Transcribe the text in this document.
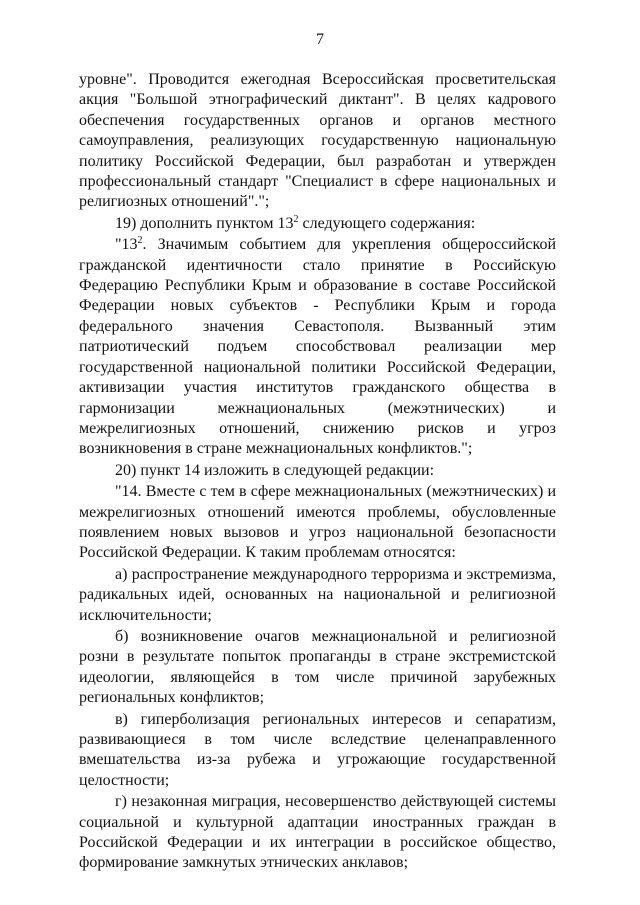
7

уровне". Проводится ежегодная Всероссийская просветительская акция "Большой этнографический диктант". В целях кадрового обеспечения государственных органов и органов местного самоуправления, реализующих государственную национальную политику Российской Федерации, был разработан и утвержден профессиональный стандарт "Специалист в сфере национальных и религиозных отношений".";

19) дополнить пунктом $13^2$ следующего содержания:

"$13^2$. Значимым событием для укрепления общероссийской гражданской идентичности стало принятие в Российскую Федерацию Республики Крым и образование в составе Российской Федерации новых субъектов - Республики Крым и города федерального значения Севастополя. Вызванный этим патриотический подъем способствовал реализации мер государственной национальной политики Российской Федерации, активизации участия институтов гражданского общества в гармонизации межнациональных (межэтнических) и межрелигиозных отношений, снижению рисков и угроз возникновения в стране межнациональных конфликтов.";

20) пункт 14 изложить в следующей редакции:

"14. Вместе с тем в сфере межнациональных (межэтнических) и межрелигиозных отношений имеются проблемы, обусловленные появлением новых вызовов и угроз национальной безопасности Российской Федерации. К таким проблемам относятся:

а) распространение международного терроризма и экстремизма, радикальных идей, основанных на национальной и религиозной исключительности;

б) возникновение очагов межнациональной и религиозной розни в результате попыток пропаганды в стране экстремистской идеологии, являющейся в том числе причиной зарубежных региональных конфликтов;

в) гиперболизация региональных интересов и сепаратизм, развивающиеся в том числе вследствие целенаправленного вмешательства из-за рубежа и угрожающие государственной целостности;

г) незаконная миграция, несовершенство действующей системы социальной и культурной адаптации иностранных граждан в Российской Федерации и их интеграции в российское общество, формирование замкнутых этнических анклавов;
